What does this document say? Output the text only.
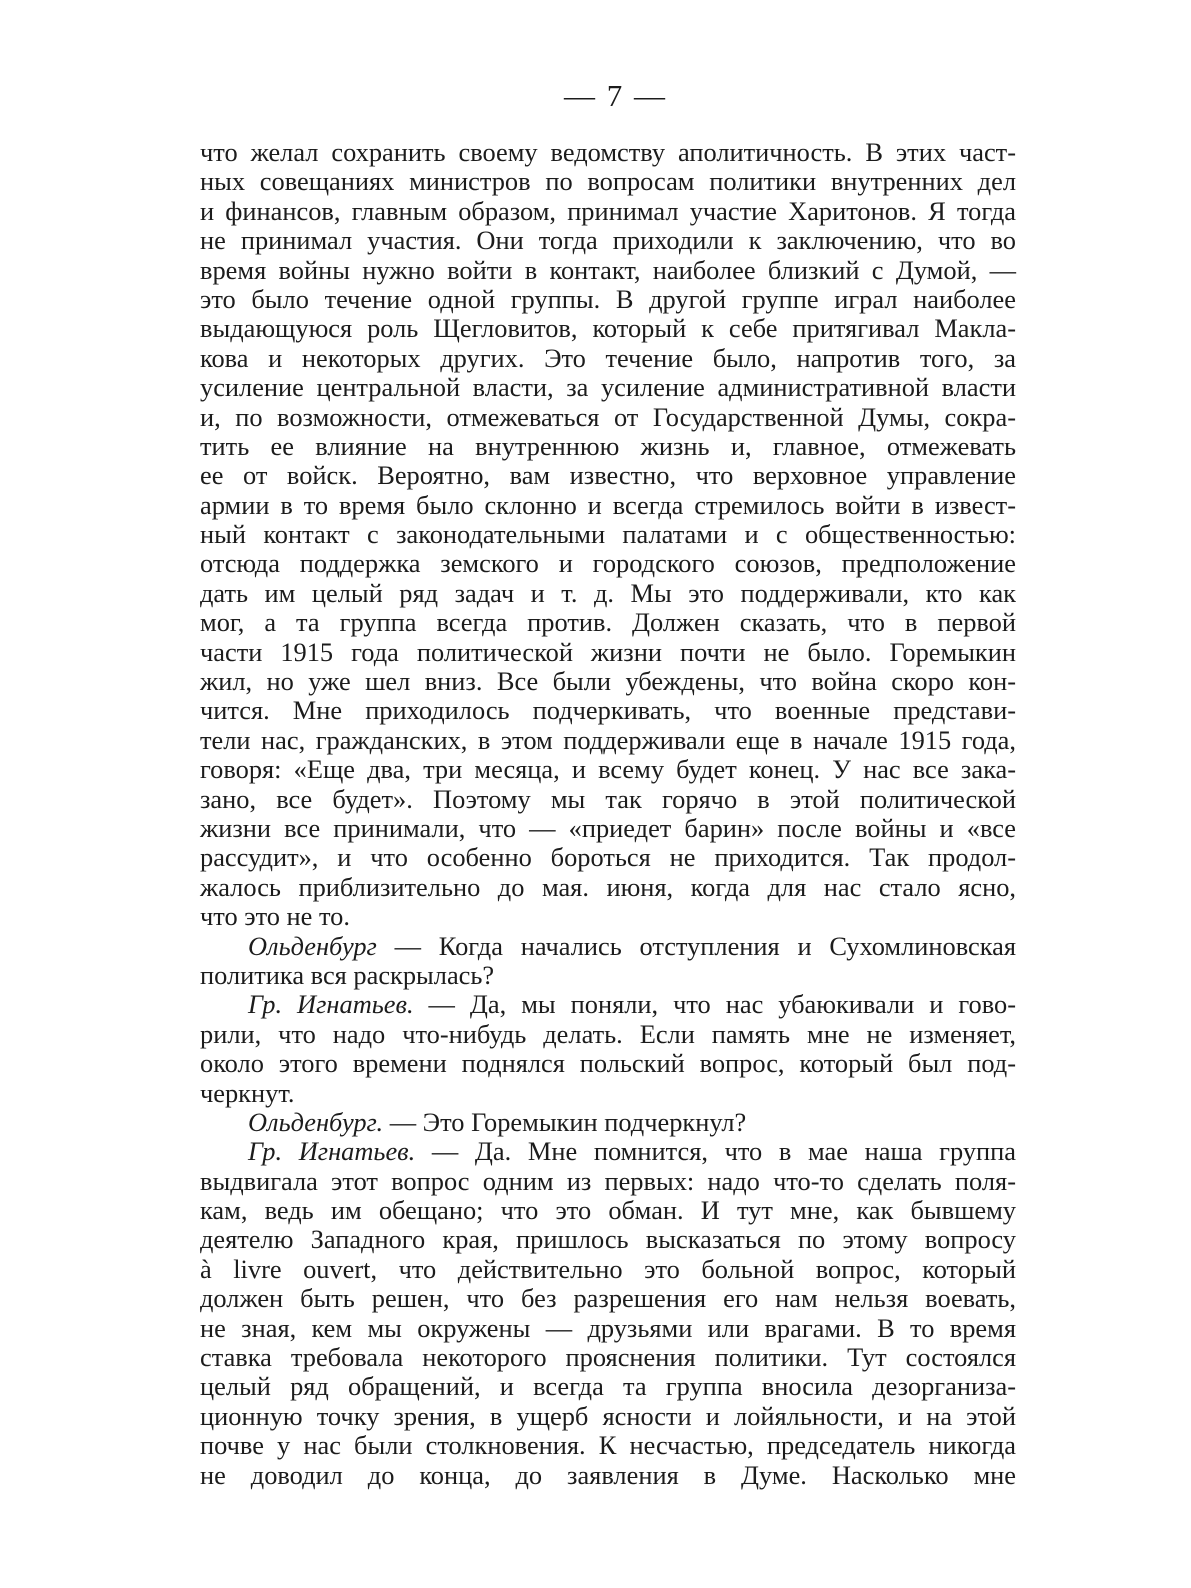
— 7 —
что желал сохранить своему ведомству аполитичность. В этих част-
ных совещаниях министров по вопросам политики внутренних дел
и финансов, главным образом, принимал участие Харитонов. Я тогда
не принимал участия. Они тогда приходили к заключению, что во
время войны нужно войти в контакт, наиболее близкий с Думой, —
это было течение одной группы. В другой группе играл наиболее
выдающуюся роль Щегловитов, который к себе притягивал Макла-
кова и некоторых других. Это течение было, напротив того, за
усиление центральной власти, за усиление административной власти
и, по возможности, отмежеваться от Государственной Думы, сокра-
тить ее влияние на внутреннюю жизнь и, главное, отмежевать
ее от войск. Вероятно, вам известно, что верховное управление
армии в то время было склонно и всегда стремилось войти в извест-
ный контакт с законодательными палатами и с общественностью:
отсюда поддержка земского и городского союзов, предположение
дать им целый ряд задач и т. д. Мы это поддерживали, кто как
мог, а та группа всегда против. Должен сказать, что в первой
части 1915 года политической жизни почти не было. Горемыкин
жил, но уже шел вниз. Все были убеждены, что война скоро кон-
чится. Мне приходилось подчеркивать, что военные представи-
тели нас, гражданских, в этом поддерживали еще в начале 1915 года,
говоря: «Еще два, три месяца, и всему будет конец. У нас все зака-
зано, все будет». Поэтому мы так горячо в этой политической
жизни все принимали, что — «приедет барин» после войны и «все
рассудит», и что особенно бороться не приходится. Так продол-
жалось приблизительно до мая. июня, когда для нас стало ясно,
что это не то.
Ольденбург — Когда начались отступления и Сухомлиновская
политика вся раскрылась?
Гр. Игнатьев. — Да, мы поняли, что нас убаюкивали и гово-
рили, что надо что-нибудь делать. Если память мне не изменяет,
около этого времени поднялся польский вопрос, который был под-
черкнут.
Ольденбург. — Это Горемыкин подчеркнул?
Гр. Игнатьев. — Да. Мне помнится, что в мае наша группа
выдвигала этот вопрос одним из первых: надо что-то сделать поля-
кам, ведь им обещано; что это обман. И тут мне, как бывшему
деятелю Западного края, пришлось высказаться по этому вопросу
à livre ouvert, что действительно это больной вопрос, который
должен быть решен, что без разрешения его нам нельзя воевать,
не зная, кем мы окружены — друзьями или врагами. В то время
ставка требовала некоторого прояснения политики. Тут состоялся
целый ряд обращений, и всегда та группа вносила дезорганиза-
ционную точку зрения, в ущерб ясности и лойяльности, и на этой
почве у нас были столкновения. К несчастью, председатель никогда
не доводил до конца, до заявления в Думе. Насколько мне
